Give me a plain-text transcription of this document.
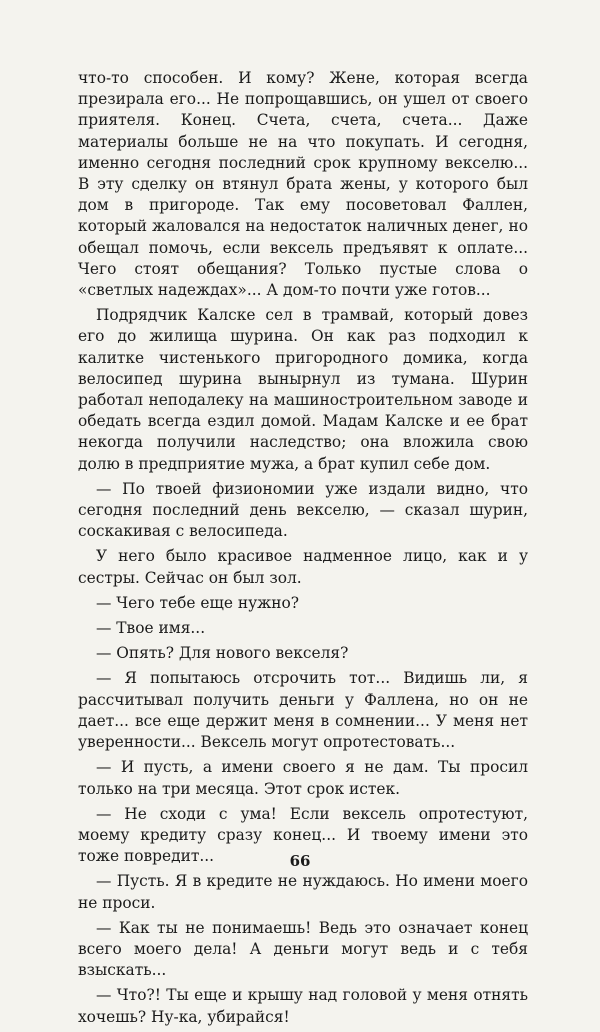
что-то способен. И кому? Жене, которая всегда презирала его... Не попрощавшись, он ушел от своего приятеля. Конец. Счета, счета, счета... Даже материалы больше не на что покупать. И сегодня, именно сегодня последний срок крупному векселю... В эту сделку он втянул брата жены, у которого был дом в пригороде. Так ему посоветовал Фаллен, который жаловался на недостаток наличных денег, но обещал помочь, если вексель предъявят к оплате... Чего стоят обещания? Только пустые слова о «светлых надеждах»... А дом-то почти уже готов...

Подрядчик Калске сел в трамвай, который довез его до жилища шурина. Он как раз подходил к калитке чистенького пригородного домика, когда велосипед шурина вынырнул из тумана. Шурин работал неподалеку на машиностроительном заводе и обедать всегда ездил домой. Мадам Калске и ее брат некогда получили наследство; она вложила свою долю в предприятие мужа, а брат купил себе дом.

— По твоей физиономии уже издали видно, что сегодня последний день векселю, — сказал шурин, соскакивая с велосипеда.

У него было красивое надменное лицо, как и у сестры. Сейчас он был зол.

— Чего тебе еще нужно?

— Твое имя...

— Опять? Для нового векселя?

— Я попытаюсь отсрочить тот... Видишь ли, я рассчитывал получить деньги у Фаллена, но он не дает... все еще держит меня в сомнении... У меня нет уверенности... Вексель могут опротестовать...

— И пусть, а имени своего я не дам. Ты просил только на три месяца. Этот срок истек.

— Не сходи с ума! Если вексель опротестуют, моему кредиту сразу конец... И твоему имени это тоже повредит...

— Пусть. Я в кредите не нуждаюсь. Но имени моего не проси.

— Как ты не понимаешь! Ведь это означает конец всего моего дела! А деньги могут ведь и с тебя взыскать...

— Что?! Ты еще и крышу над головой у меня отнять хочешь? Ну-ка, убирайся!

66
